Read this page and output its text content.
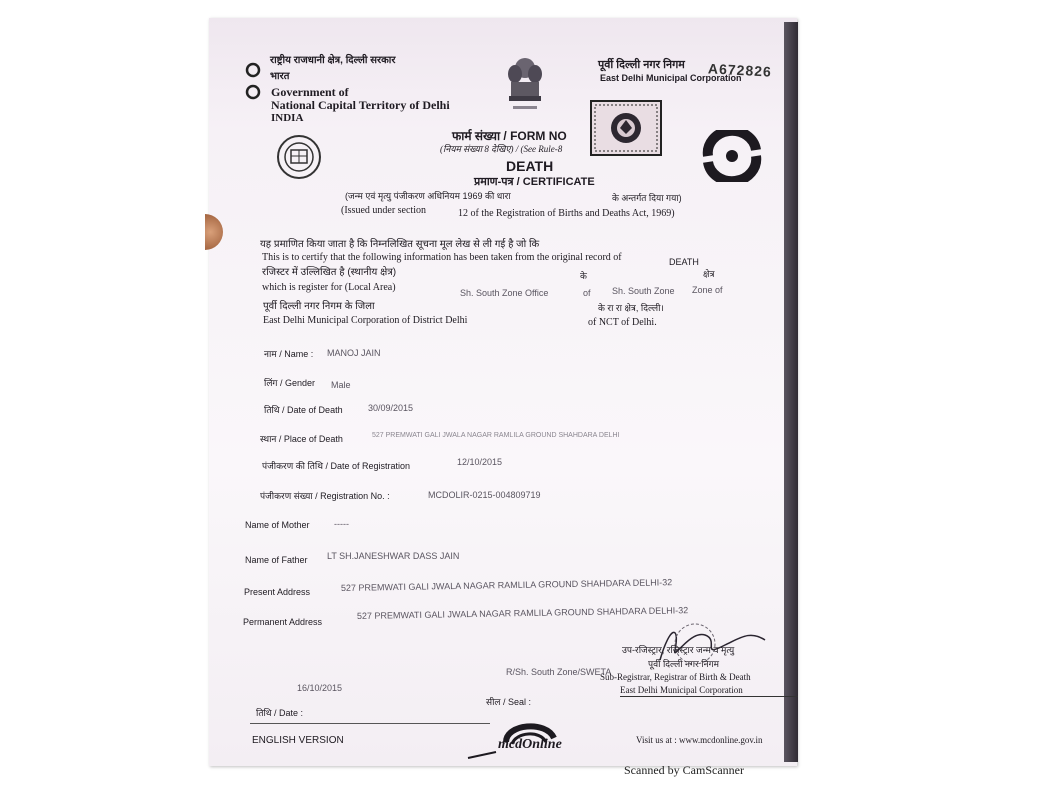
राष्ट्रीय राजधानी क्षेत्र, दिल्ली सरकार
भारत
Government of
National Capital Territory of Delhi
INDIA
पूर्वी दिल्ली नगर निगम
East Delhi Municipal Corporation
A672826
फार्म संख्या / FORM NO
(नियम संख्या 8 देखिए) / (See Rule-8
DEATH
प्रमाण-पत्र / CERTIFICATE
(जन्म एवं मृत्यु पंजीकरण अधिनियम 1969 की धारा	के अन्तर्गत दिया गया)
(Issued under section	12 of the Registration of Births and Deaths Act, 1969)
यह प्रमाणित किया जाता है कि निम्नलिखित सूचना मूल लेख से ली गई है जो कि
This is to certify that the following information has been taken from the original record of	DEATH
रजिस्टर में उल्लिखित है (स्थानीय क्षेत्र)	के	क्षेत्र
which is register for (Local Area)	Sh. South Zone Office	of Sh. South Zone Zone of
पूर्वी दिल्ली नगर निगम के जिला	के रा रा क्षेत्र, दिल्ली।
East Delhi Municipal Corporation of District Delhi	of NCT of Delhi.
नाम / Name : MANOJ JAIN
लिंग / Gender Male
तिथि / Date of Death	30/09/2015
स्थान / Place of Death	527 PREMWATI GALI JWALA NAGAR RAMLILA GROUND SHAHDARA DELHI
पंजीकरण की तिथि / Date of Registration	12/10/2015
पंजीकरण संख्या / Registration No. :	MCDOLIR-0215-004809719
Name of Mother	-----
Name of Father LT SH.JANESHWAR DASS JAIN
Present Address	527 PREMWATI GALI JWALA NAGAR RAMLILA GROUND SHAHDARA DELHI-32
Permanent Address
527 PREMWATI GALI JWALA NAGAR RAMLILA GROUND SHAHDARA DELHI-32
उप-रजिस्ट्रार, रजिस्ट्रार जन्म व मृत्यु
पूर्वी दिल्ली नगर निगम
R/Sh. South Zone/SWETA
Sub-Registrar, Registrar of Birth & Death
East Delhi Municipal Corporation
16/10/2015
सील / Seal :
तिथि / Date :
ENGLISH VERSION	mcdOnline	Visit us at : www.mcdonline.gov.in
Scanned by CamScanner
